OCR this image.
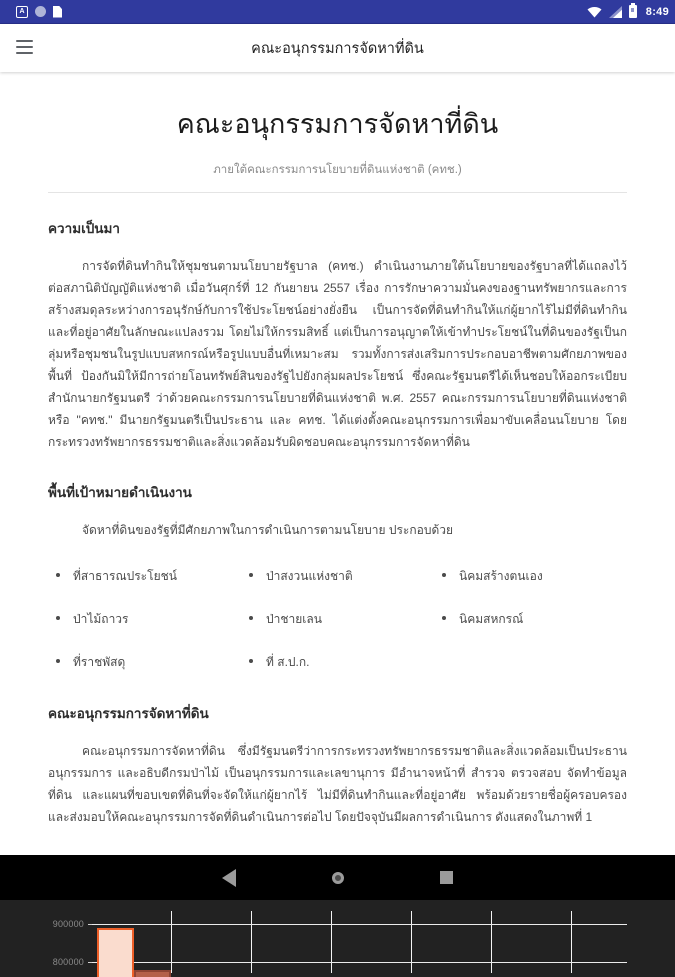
A	8:49
คณะอนุกรรมการจัดหาที่ดิน
คณะอนุกรรมการจัดหาที่ดิน
ภายใต้คณะกรรมการนโยบายที่ดินแห่งชาติ (คทช.)
ความเป็นมา

การจัดที่ดินทำกินให้ชุมชนตามนโยบายรัฐบาล (คทช.) ดำเนินงานภายใต้นโยบายของรัฐบาลที่ได้แถลงไว้ต่อสภานิติบัญญัติแห่งชาติ เมื่อวันศุกร์ที่ 12 กันยายน 2557 เรื่อง การรักษาความมั่นคงของฐานทรัพยากรและการสร้างสมดุลระหว่างการอนุรักษ์กับการใช้ประโยชน์อย่างยั่งยืน เป็นการจัดที่ดินทำกินให้แก่ผู้ยากไร้ไม่มีที่ดินทำกินและที่อยู่อาศัยในลักษณะแปลงรวม โดยไม่ให้กรรมสิทธิ์ แต่เป็นการอนุญาตให้เข้าทำประโยชน์ในที่ดินของรัฐเป็นกลุ่มหรือชุมชนในรูปแบบสหกรณ์หรือรูปแบบอื่นที่เหมาะสม รวมทั้งการส่งเสริมการประกอบอาชีพตามศักยภาพของพื้นที่ ป้องกันมิให้มีการถ่ายโอนทรัพย์สินของรัฐไปยังกลุ่มผลประโยชน์ ซึ่งคณะรัฐมนตรีได้เห็นชอบให้ออกระเบียบสำนักนายกรัฐมนตรี ว่าด้วยคณะกรรมการนโยบายที่ดินแห่งชาติ พ.ศ. 2557 คณะกรรมการนโยบายที่ดินแห่งชาติ หรือ "คทช." มีนายกรัฐมนตรีเป็นประธาน และ คทช. ได้แต่งตั้งคณะอนุกรรมการเพื่อมาขับเคลื่อนนโยบาย โดยกระทรวงทรัพยากรธรรมชาติและสิ่งแวดล้อมรับผิดชอบคณะอนุกรรมการจัดหาที่ดิน

พื้นที่เป้าหมายดำเนินงาน

จัดหาที่ดินของรัฐที่มีศักยภาพในการดำเนินการตามนโยบาย ประกอบด้วย

ที่สาธารณประโยชน์	ป่าสงวนแห่งชาติ	นิคมสร้างตนเอง
ป่าไม้ถาวร	ป่าชายเลน	นิคมสหกรณ์
ที่ราชพัสดุ	ที่ ส.ป.ก.
คณะอนุกรรมการจัดหาที่ดิน

คณะอนุกรรมการจัดหาที่ดิน ซึ่งมีรัฐมนตรีว่าการกระทรวงทรัพยากรธรรมชาติและสิ่งแวดล้อมเป็นประธานอนุกรรมการ และอธิบดีกรมป่าไม้ เป็นอนุกรรมการและเลขานุการ มีอำนาจหน้าที่ สำรวจ ตรวจสอบ จัดทำข้อมูลที่ดิน และแผนที่ขอบเขตที่ดินที่จะจัดให้แก่ผู้ยากไร้ ไม่มีที่ดินทำกินและที่อยู่อาศัย พร้อมด้วยรายชื่อผู้ครอบครอง และส่งมอบให้คณะอนุกรรมการจัดที่ดินดำเนินการต่อไป โดยปัจจุบันมีผลการดำเนินการ ดังแสดงในภาพที่ 1

900000
800000
